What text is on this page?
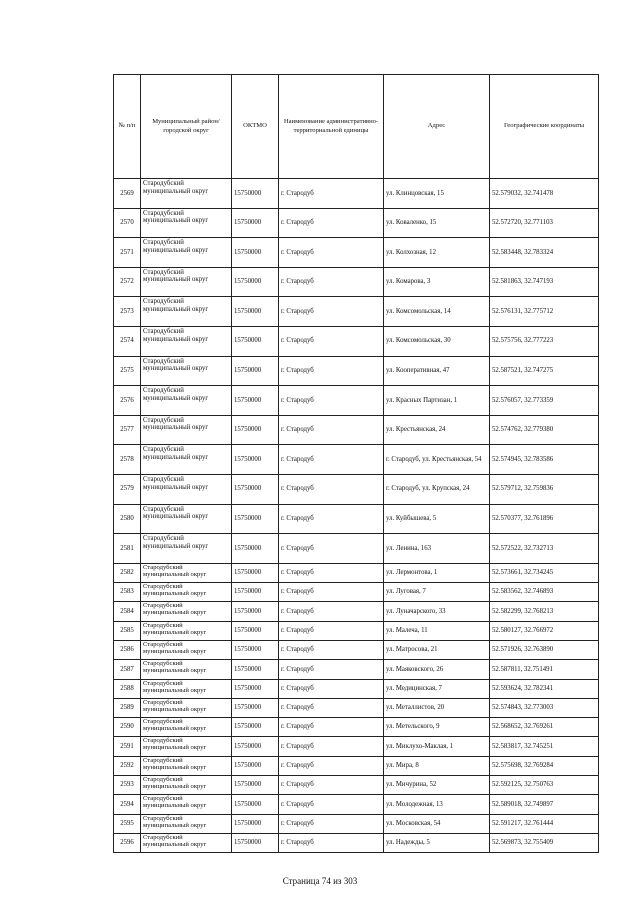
№ п/п	Муниципальный район/городской округ	ОКТМО	Наименование административно-территориальной единицы	Адрес	Географические координаты
2569	Стародубский муниципальный округ	15750000	г. Стародуб	ул. Клинцовская, 15	52.579032, 32.741478
2570	Стародубский муниципальный округ	15750000	г. Стародуб	ул. Коваленко, 15	52.572720, 32.771103
2571	Стародубский муниципальный округ	15750000	г. Стародуб	ул. Колхозная, 12	52.583448, 32.783324
2572	Стародубский муниципальный округ	15750000	г. Стародуб	ул. Комарова, 3	52.581863, 32.747193
2573	Стародубский муниципальный округ	15750000	г. Стародуб	ул. Комсомольская, 14	52.576131, 32.775712
2574	Стародубский муниципальный округ	15750000	г. Стародуб	ул. Комсомольская, 30	52.575756, 32.777223
2575	Стародубский муниципальный округ	15750000	г. Стародуб	ул. Кооперативная, 47	52.587521, 32.747275
2576	Стародубский муниципальный округ	15750000	г. Стародуб	ул. Красных Партизан, 1	52.576057, 32.773359
2577	Стародубский муниципальный округ	15750000	г. Стародуб	ул. Крестьянская, 24	52.574762, 32.779380
2578	Стародубский муниципальный округ	15750000	г. Стародуб	г. Стародуб, ул. Крестьянская, 54	52.574945, 32.783586
2579	Стародубский муниципальный округ	15750000	г. Стародуб	г. Стародуб, ул. Крупская, 24	52.579712, 32.759836
2580	Стародубский муниципальный округ	15750000	г. Стародуб	ул. Куйбышева, 5	52.570377, 32.761896
2581	Стародубский муниципальный округ	15750000	г. Стародуб	ул. Ленина, 163	52.572522, 32.732713
2582	Стародубский муниципальный округ	15750000	г. Стародуб	ул. Лермонтова, 1	52.573661, 32.734245
2583	Стародубский муниципальный округ	15750000	г. Стародуб	ул. Луговая, 7	52.583562, 32.746893
2584	Стародубский муниципальный округ	15750000	г. Стародуб	ул. Луначарского, 33	52.582299, 32.768213
2585	Стародубский муниципальный округ	15750000	г. Стародуб	ул. Малеча, 11	52.580127, 32.766972
2586	Стародубский муниципальный округ	15750000	г. Стародуб	ул. Матросова, 21	52.571926, 32.763890
2587	Стародубский муниципальный округ	15750000	г. Стародуб	ул. Маяковского, 26	52.587811, 32.751491
2588	Стародубский муниципальный округ	15750000	г. Стародуб	ул. Медицинская, 7	52.593624, 32.782341
2589	Стародубский муниципальный округ	15750000	г. Стародуб	ул. Металлистов, 20	52.574843, 32.773003
2590	Стародубский муниципальный округ	15750000	г. Стародуб	ул. Метельского, 9	52.568652, 32.769261
2591	Стародубский муниципальный округ	15750000	г. Стародуб	ул. Миклухо-Маклая, 1	52.583817, 32.745251
2592	Стародубский муниципальный округ	15750000	г. Стародуб	ул. Мира, 8	52.575698, 32.769284
2593	Стародубский муниципальный округ	15750000	г. Стародуб	ул. Мичурина, 52	52.592125, 32.750763
2594	Стародубский муниципальный округ	15750000	г. Стародуб	ул. Молодежная, 13	52.589018, 32.749897
2595	Стародубский муниципальный округ	15750000	г. Стародуб	ул. Московская, 54	52.591217, 32.761444
2596	Стародубский муниципальный округ	15750000	г. Стародуб	ул. Надежды, 5	52.569873, 32.755409
Страница 74 из 303
